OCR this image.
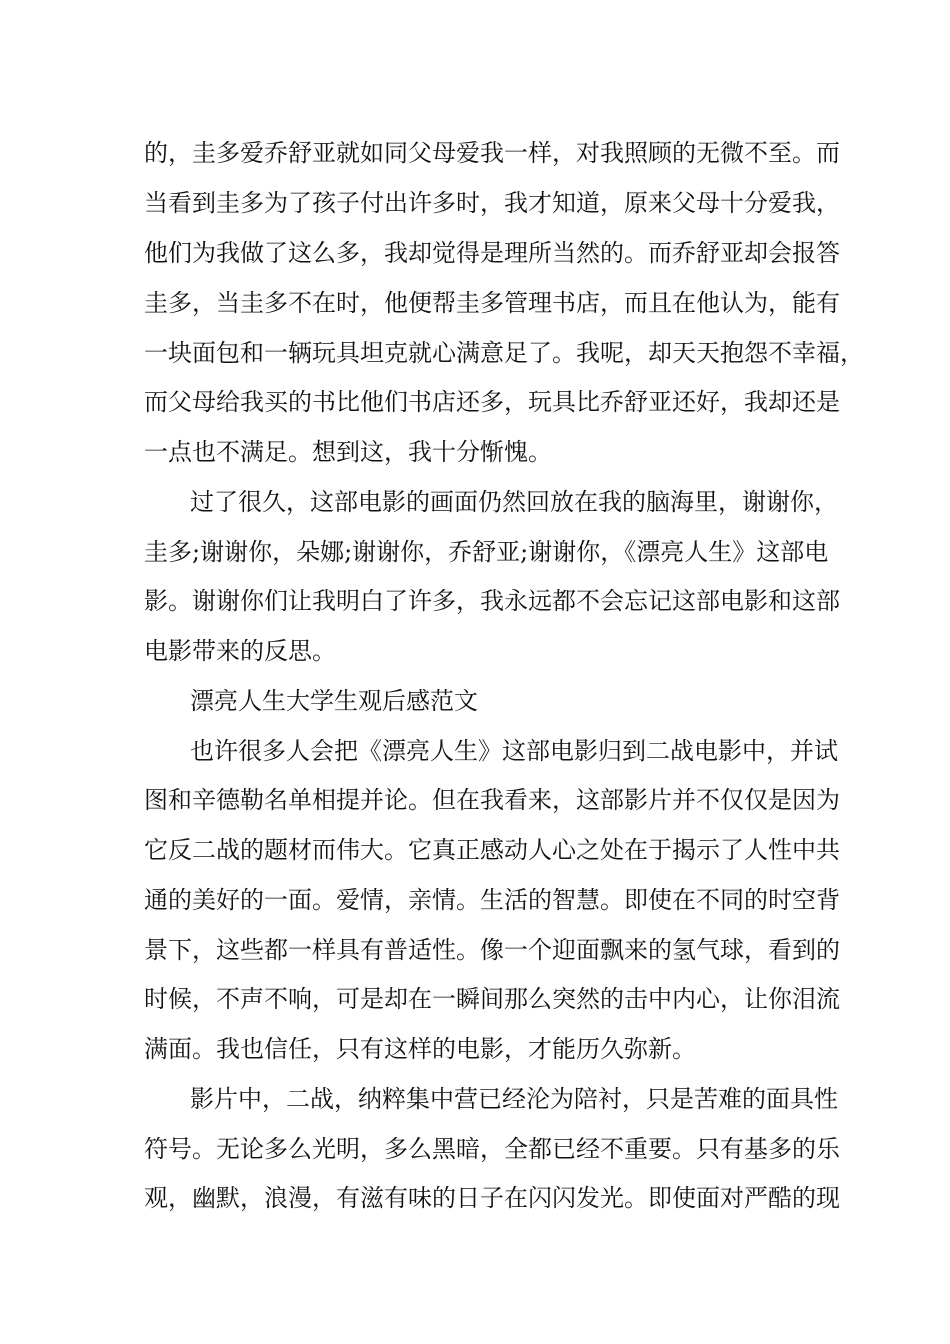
的，圭多爱乔舒亚就如同父母爱我一样，对我照顾的无微不至。而

当看到圭多为了孩子付出许多时，我才知道，原来父母十分爱我，

他们为我做了这么多，我却觉得是理所当然的。而乔舒亚却会报答

圭多，当圭多不在时，他便帮圭多管理书店，而且在他认为，能有

一块面包和一辆玩具坦克就心满意足了。我呢，却天天抱怨不幸福，

而父母给我买的书比他们书店还多，玩具比乔舒亚还好，我却还是

一点也不满足。想到这，我十分惭愧。

过了很久，这部电影的画面仍然回放在我的脑海里，谢谢你，

圭多;谢谢你，朵娜;谢谢你，乔舒亚;谢谢你，《漂亮人生》这部电

影。谢谢你们让我明白了许多，我永远都不会忘记这部电影和这部

电影带来的反思。

漂亮人生大学生观后感范文

也许很多人会把《漂亮人生》这部电影归到二战电影中，并试

图和辛德勒名单相提并论。但在我看来，这部影片并不仅仅是因为

它反二战的题材而伟大。它真正感动人心之处在于揭示了人性中共

通的美好的一面。爱情，亲情。生活的智慧。即使在不同的时空背

景下，这些都一样具有普适性。像一个迎面飘来的氢气球，看到的

时候，不声不响，可是却在一瞬间那么突然的击中内心，让你泪流

满面。我也信任，只有这样的电影，才能历久弥新。

影片中，二战，纳粹集中营已经沦为陪衬，只是苦难的面具性

符号。无论多么光明，多么黑暗，全都已经不重要。只有基多的乐

观，幽默，浪漫，有滋有味的日子在闪闪发光。即使面对严酷的现
